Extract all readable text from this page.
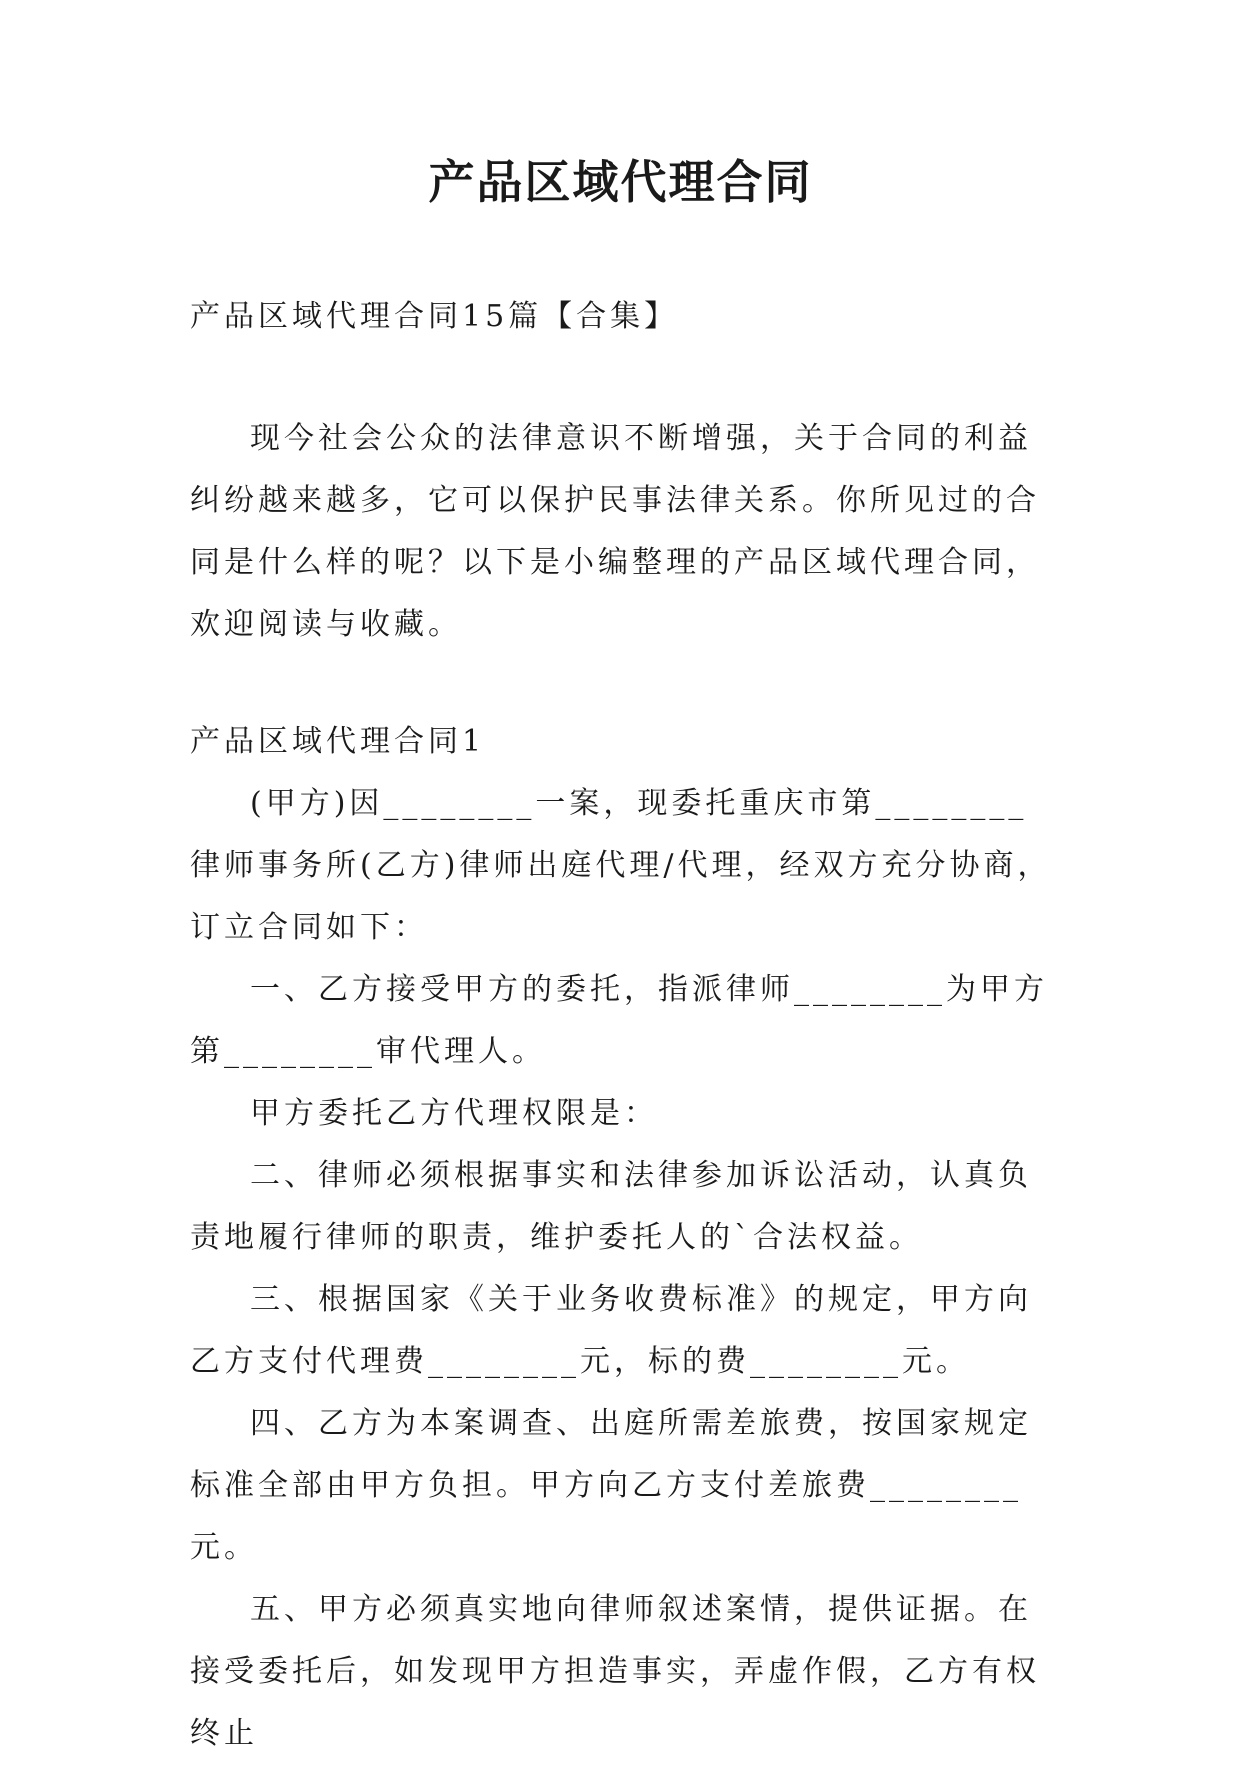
产品区域代理合同

产品区域代理合同15篇【合集】

现今社会公众的法律意识不断增强，关于合同的利益纠纷越来越多，它可以保护民事法律关系。你所见过的合同是什么样的呢？以下是小编整理的产品区域代理合同，欢迎阅读与收藏。

产品区域代理合同1

(甲方)因________一案，现委托重庆市第________律师事务所(乙方)律师出庭代理/代理，经双方充分协商，订立合同如下：

一、乙方接受甲方的委托，指派律师________为甲方第________审代理人。

甲方委托乙方代理权限是：

二、律师必须根据事实和法律参加诉讼活动，认真负责地履行律师的职责，维护委托人的`合法权益。

三、根据国家《关于业务收费标准》的规定，甲方向乙方支付代理费________元，标的费________元。

四、乙方为本案调查、出庭所需差旅费，按国家规定标准全部由甲方负担。甲方向乙方支付差旅费________元。

五、甲方必须真实地向律师叙述案情，提供证据。在接受委托后，如发现甲方担造事实，弄虚作假，乙方有权终止
